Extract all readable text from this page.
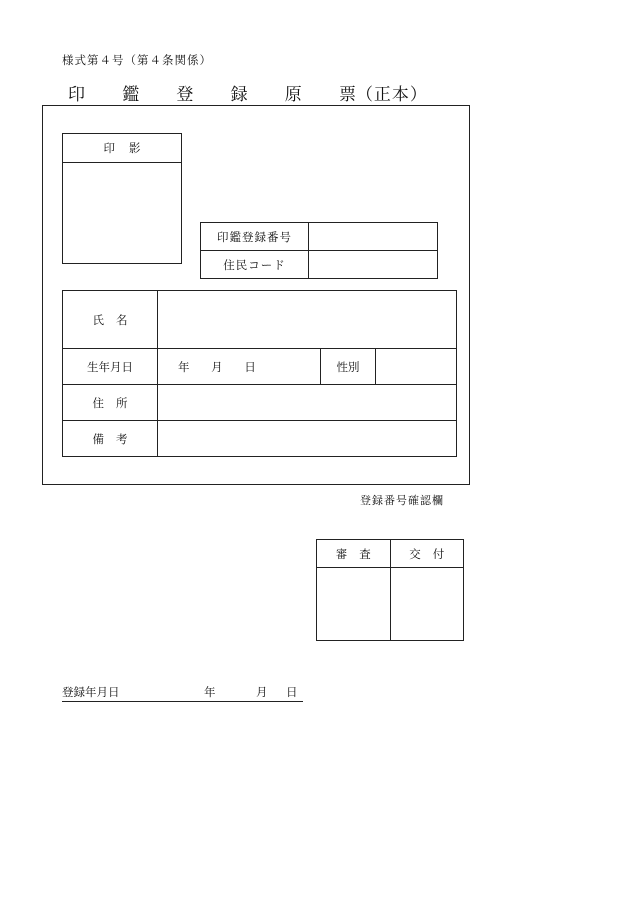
様式第４号（第４条関係）
印 鑑 登 録 原 票（正本）
印影

印鑑登録番号	
住民コード	
氏名			
生年月日	年 月 日	性別	
住所			
備考			
登録番号確認欄
審査	交付

登録年月日	年	月 日
